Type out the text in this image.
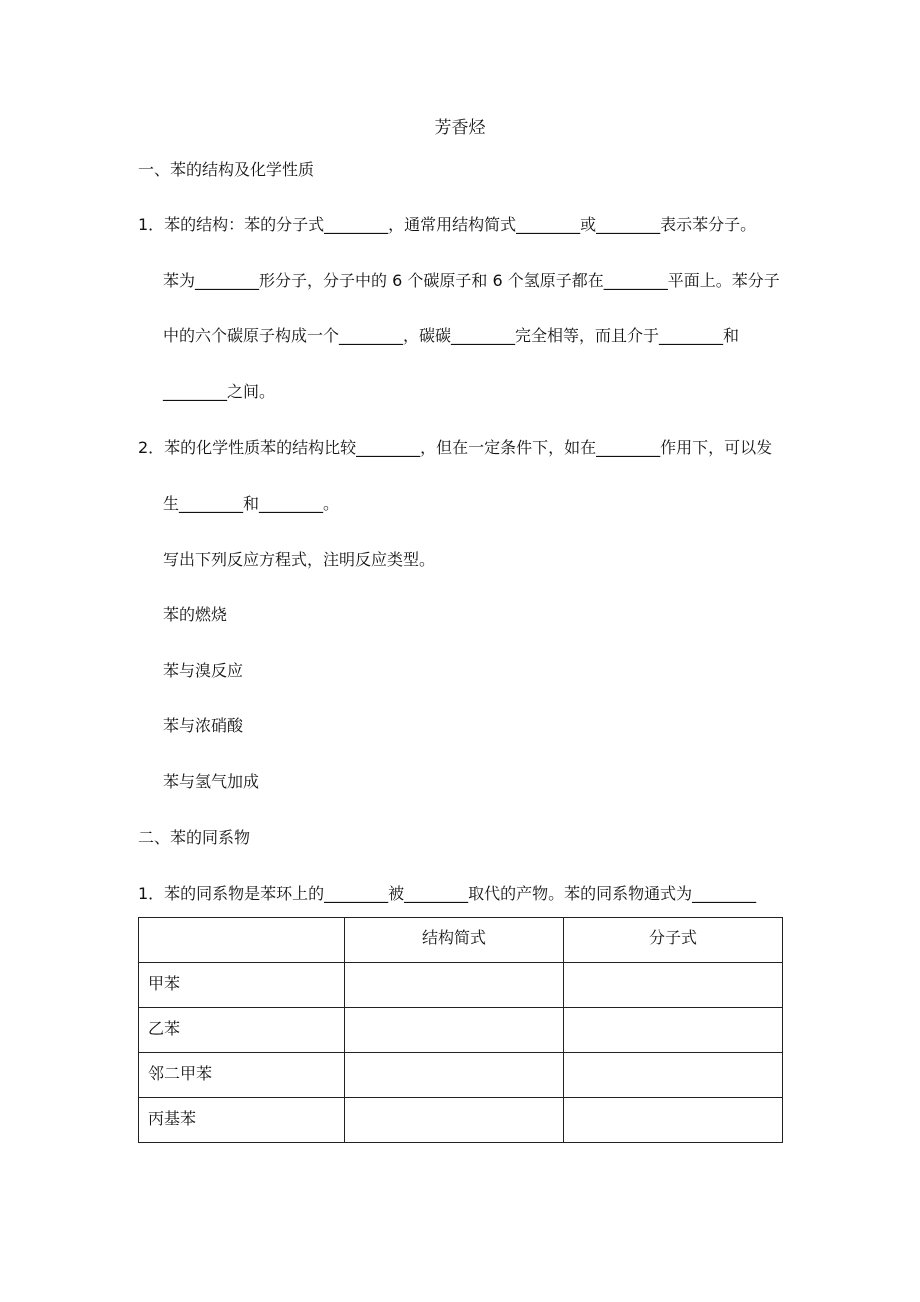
芳香烃
一、苯的结构及化学性质
1．苯的结构：苯的分子式________，通常用结构简式________或________表示苯分子。
苯为________形分子，分子中的 6 个碳原子和 6 个氢原子都在________平面上。苯分子
中的六个碳原子构成一个________，碳碳________完全相等，而且介于________和
________之间。
2．苯的化学性质苯的结构比较________，但在一定条件下，如在________作用下，可以发
生________和________。
写出下列反应方程式，注明反应类型。
苯的燃烧
苯与溴反应
苯与浓硝酸
苯与氢气加成
二、苯的同系物
1．苯的同系物是苯环上的________被________取代的产物。苯的同系物通式为________
	结构简式	分子式
甲苯		
乙苯		
邻二甲苯		
丙基苯		
